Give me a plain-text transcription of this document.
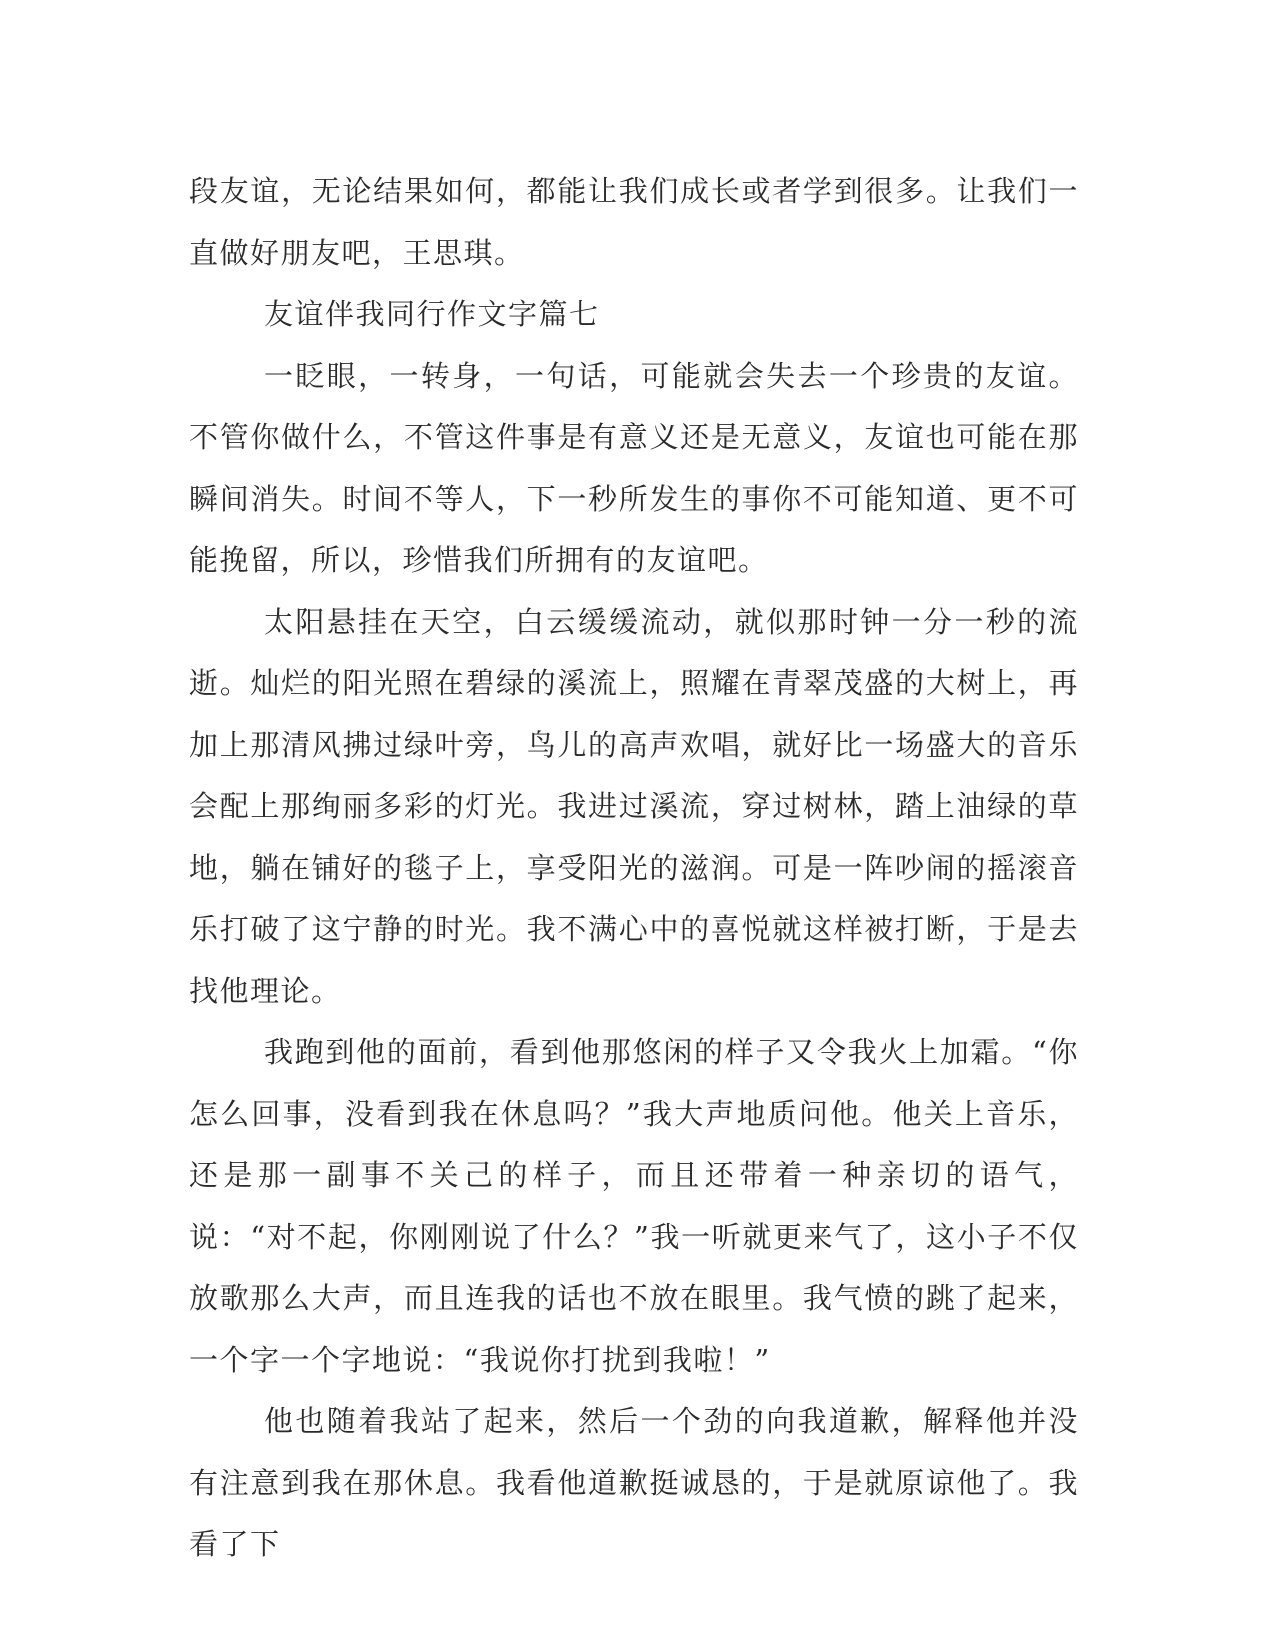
段友谊，无论结果如何，都能让我们成长或者学到很多。让我们一直做好朋友吧，王思琪。

友谊伴我同行作文字篇七

一眨眼，一转身，一句话，可能就会失去一个珍贵的友谊。不管你做什么，不管这件事是有意义还是无意义，友谊也可能在那瞬间消失。时间不等人，下一秒所发生的事你不可能知道、更不可能挽留，所以，珍惜我们所拥有的友谊吧。

太阳悬挂在天空，白云缓缓流动，就似那时钟一分一秒的流逝。灿烂的阳光照在碧绿的溪流上，照耀在青翠茂盛的大树上，再加上那清风拂过绿叶旁，鸟儿的高声欢唱，就好比一场盛大的音乐会配上那绚丽多彩的灯光。我进过溪流，穿过树林，踏上油绿的草地，躺在铺好的毯子上，享受阳光的滋润。可是一阵吵闹的摇滚音乐打破了这宁静的时光。我不满心中的喜悦就这样被打断，于是去找他理论。

我跑到他的面前，看到他那悠闲的样子又令我火上加霜。“你怎么回事，没看到我在休息吗？”我大声地质问他。他关上音乐，还是那一副事不关己的样子，而且还带着一种亲切的语气，说：“对不起，你刚刚说了什么？”我一听就更来气了，这小子不仅放歌那么大声，而且连我的话也不放在眼里。我气愤的跳了起来，一个字一个字地说：“我说你打扰到我啦！”

他也随着我站了起来，然后一个劲的向我道歉，解释他并没有注意到我在那休息。我看他道歉挺诚恳的，于是就原谅他了。我看了下
